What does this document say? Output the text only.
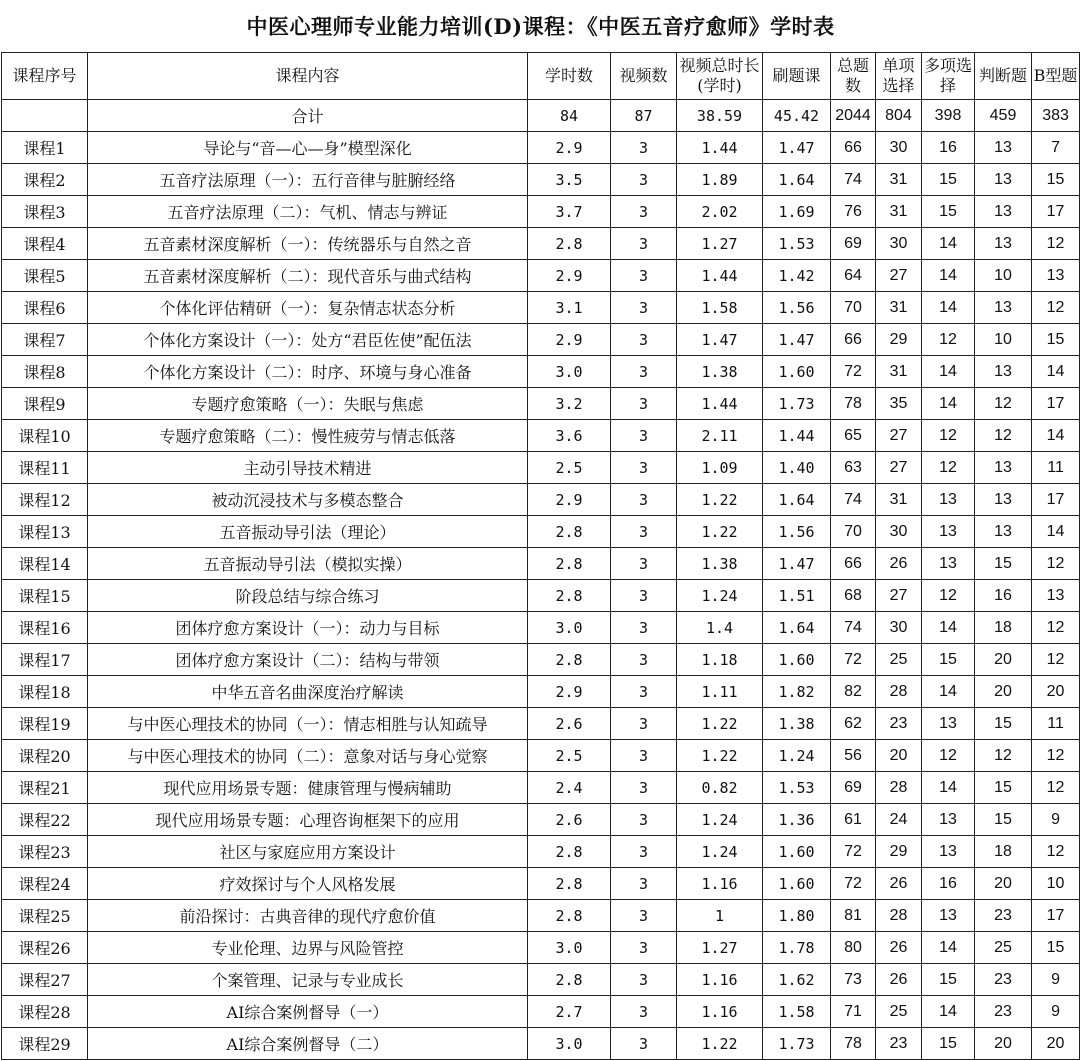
中医心理师专业能力培训(D)课程：《中医五音疗愈师》学时表										
课程序号	课程内容	学时数	视频数	视频总时长(学时)	刷题课	总题数	单项选择	多项选择	判断题	B型题
	合计	84	87	38.59	45.42	2044	804	398	459	383
课程1	导论与“音—心—身”模型深化	2.9	3	1.44	1.47	66	30	16	13	7
课程2	五音疗法原理（一）：五行音律与脏腑经络	3.5	3	1.89	1.64	74	31	15	13	15
课程3	五音疗法原理（二）：气机、情志与辨证	3.7	3	2.02	1.69	76	31	15	13	17
课程4	五音素材深度解析（一）：传统器乐与自然之音	2.8	3	1.27	1.53	69	30	14	13	12
课程5	五音素材深度解析（二）：现代音乐与曲式结构	2.9	3	1.44	1.42	64	27	14	10	13
课程6	个体化评估精研（一）：复杂情志状态分析	3.1	3	1.58	1.56	70	31	14	13	12
课程7	个体化方案设计（一）：处方“君臣佐使”配伍法	2.9	3	1.47	1.47	66	29	12	10	15
课程8	个体化方案设计（二）：时序、环境与身心准备	3.0	3	1.38	1.60	72	31	14	13	14
课程9	专题疗愈策略（一）：失眠与焦虑	3.2	3	1.44	1.73	78	35	14	12	17
课程10	专题疗愈策略（二）：慢性疲劳与情志低落	3.6	3	2.11	1.44	65	27	12	12	14
课程11	主动引导技术精进	2.5	3	1.09	1.40	63	27	12	13	11
课程12	被动沉浸技术与多模态整合	2.9	3	1.22	1.64	74	31	13	13	17
课程13	五音振动导引法（理论）	2.8	3	1.22	1.56	70	30	13	13	14
课程14	五音振动导引法（模拟实操）	2.8	3	1.38	1.47	66	26	13	15	12
课程15	阶段总结与综合练习	2.8	3	1.24	1.51	68	27	12	16	13
课程16	团体疗愈方案设计（一）：动力与目标	3.0	3	1.4	1.64	74	30	14	18	12
课程17	团体疗愈方案设计（二）：结构与带领	2.8	3	1.18	1.60	72	25	15	20	12
课程18	中华五音名曲深度治疗解读	2.9	3	1.11	1.82	82	28	14	20	20
课程19	与中医心理技术的协同（一）：情志相胜与认知疏导	2.6	3	1.22	1.38	62	23	13	15	11
课程20	与中医心理技术的协同（二）：意象对话与身心觉察	2.5	3	1.22	1.24	56	20	12	12	12
课程21	现代应用场景专题：健康管理与慢病辅助	2.4	3	0.82	1.53	69	28	14	15	12
课程22	现代应用场景专题：心理咨询框架下的应用	2.6	3	1.24	1.36	61	24	13	15	9
课程23	社区与家庭应用方案设计	2.8	3	1.24	1.60	72	29	13	18	12
课程24	疗效探讨与个人风格发展	2.8	3	1.16	1.60	72	26	16	20	10
课程25	前沿探讨：古典音律的现代疗愈价值	2.8	3	1	1.80	81	28	13	23	17
课程26	专业伦理、边界与风险管控	3.0	3	1.27	1.78	80	26	14	25	15
课程27	个案管理、记录与专业成长	2.8	3	1.16	1.62	73	26	15	23	9
课程28	AI综合案例督导（一）	2.7	3	1.16	1.58	71	25	14	23	9
课程29	AI综合案例督导（二）	3.0	3	1.22	1.73	78	23	15	20	20
